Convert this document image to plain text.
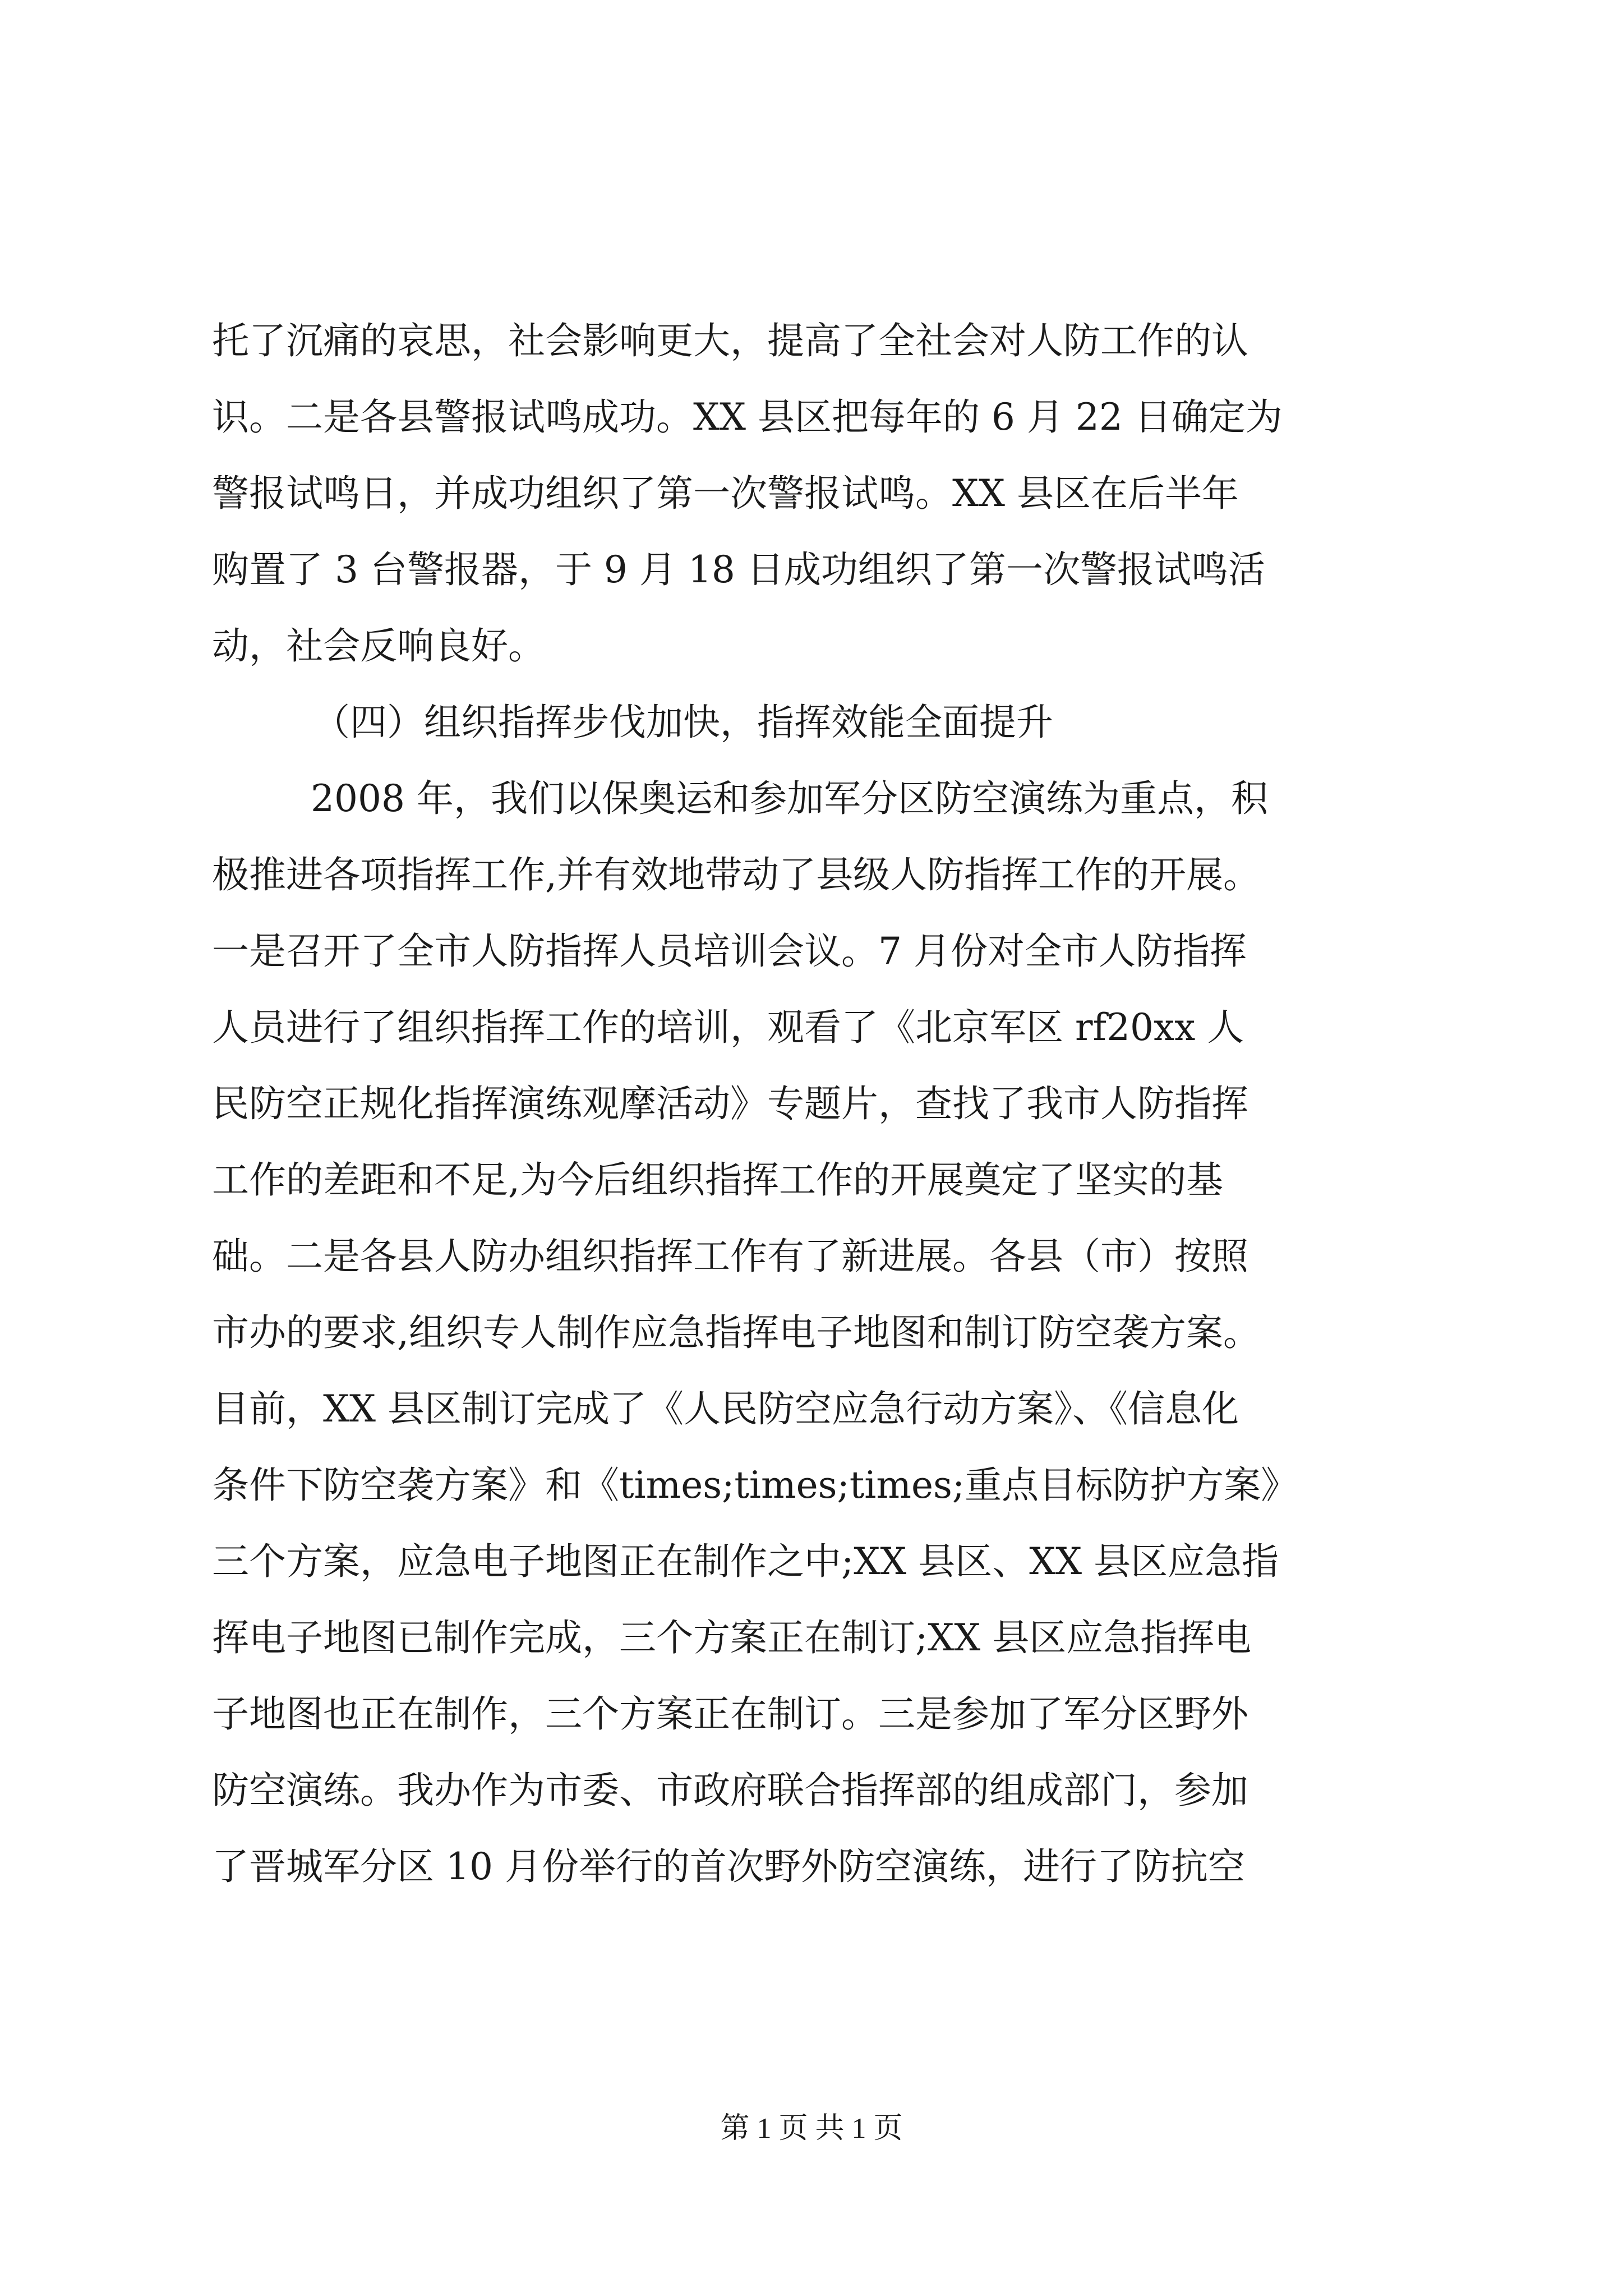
托了沉痛的哀思，社会影响更大，提高了全社会对人防工作的认
识。二是各县警报试鸣成功。XX 县区把每年的 6 月 22 日确定为
警报试鸣日，并成功组织了第一次警报试鸣。XX 县区在后半年
购置了 3 台警报器，于 9 月 18 日成功组织了第一次警报试鸣活
动，社会反响良好。
（四）组织指挥步伐加快，指挥效能全面提升
2008 年，我们以保奥运和参加军分区防空演练为重点，积
极推进各项指挥工作,并有效地带动了县级人防指挥工作的开展。
一是召开了全市人防指挥人员培训会议。7 月份对全市人防指挥
人员进行了组织指挥工作的培训，观看了《北京军区 rf20xx 人
民防空正规化指挥演练观摩活动》专题片，查找了我市人防指挥
工作的差距和不足,为今后组织指挥工作的开展奠定了坚实的基
础。二是各县人防办组织指挥工作有了新进展。各县（市）按照
市办的要求,组织专人制作应急指挥电子地图和制订防空袭方案。
目前，XX 县区制订完成了《人民防空应急行动方案》、《信息化
条件下防空袭方案》和《times;times;times;重点目标防护方案》
三个方案，应急电子地图正在制作之中;XX 县区、XX 县区应急指
挥电子地图已制作完成，三个方案正在制订;XX 县区应急指挥电
子地图也正在制作，三个方案正在制订。三是参加了军分区野外
防空演练。我办作为市委、市政府联合指挥部的组成部门，参加
了晋城军分区 10 月份举行的首次野外防空演练，进行了防抗空
第 1 页 共 1 页
